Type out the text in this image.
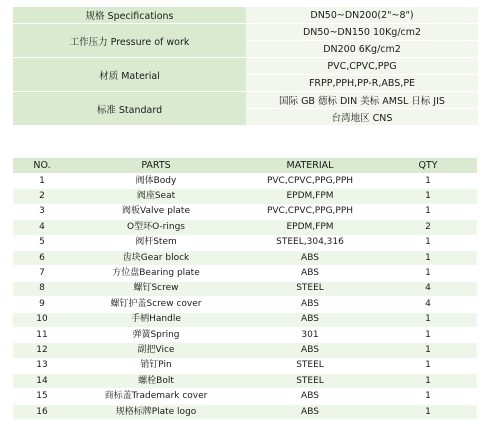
规格 Specifications	DN50~DN200(2"~8")
工作压力 Pressure of work	DN50~DN150 10Kg/cm2
	DN200 6Kg/cm2
材质 Material	PVC,CPVC,PPG
	FRPP,PPH,PP-R,ABS,PE
标准 Standard	国际 GB 德标 DIN 美标 AMSL 日标 JIS
	台湾地区 CNS
NO.	PARTS	MATERIAL	QTY
1	阀体Body	PVC,CPVC,PPG,PPH	1
2	阀座Seat	EPDM,FPM	1
3	阀板Valve plate	PVC,CPVC,PPG,PPH	1
4	O型环O-rings	EPDM,FPM	2
5	阀杆Stem	STEEL,304,316	1
6	齿块Gear block	ABS	1
7	方位盘Bearing plate	ABS	1
8	螺钉Screw	STEEL	4
9	螺钉护盖Screw cover	ABS	4
10	手柄Handle	ABS	1
11	弹簧Spring	301	1
12	副把Vice	ABS	1
13	销钉Pin	STEEL	1
14	螺栓Bolt	STEEL	1
15	商标盖Trademark cover	ABS	1
16	规格标牌Plate logo	ABS	1
